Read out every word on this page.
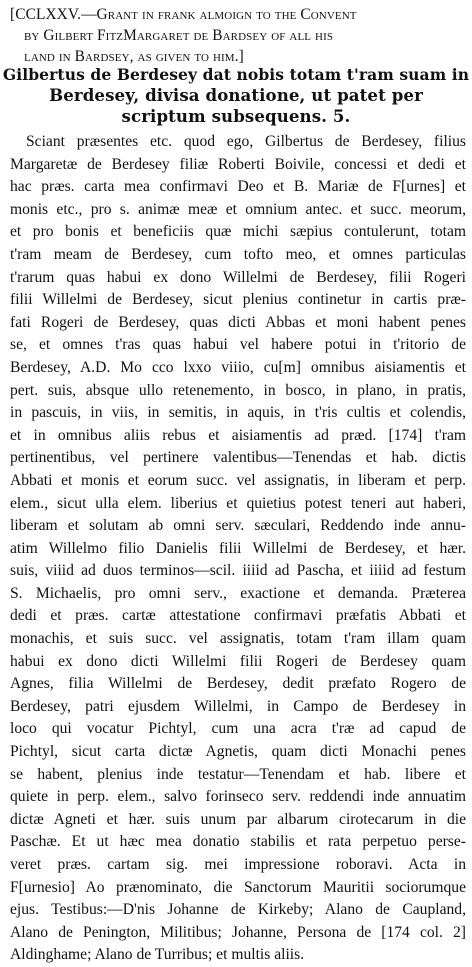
[CCLXXV.—Grant in frank almoign to the Convent
by Gilbert FitzMargaret de Bardsey of all his
land in Bardsey, as given to him.]
Gilbertus de Berdesey dat nobis totam t'ram suam in
Berdesey, divisa donatione, ut patet per
scriptum subsequens. 5.
Sciant præsentes etc. quod ego, Gilbertus de Berdesey, filius
Margaretæ de Berdesey filiæ Roberti Boivile, concessi et dedi et
hac præs. carta mea confirmavi Deo et B. Mariæ de F[urnes] et
monis etc., pro s. animæ meæ et omnium antec. et succ. meorum,
et pro bonis et beneficiis quæ michi sæpius contulerunt, totam
t'ram meam de Berdesey, cum tofto meo, et omnes particulas
t'rarum quas habui ex dono Willelmi de Berdesey, filii Rogeri
filii Willelmi de Berdesey, sicut plenius continetur in cartis præ-
fati Rogeri de Berdesey, quas dicti Abbas et moni habent penes
se, et omnes t'ras quas habui vel habere potui in t'ritorio de
Berdesey, A.D. Mo cco lxxo viiio, cu[m] omnibus aisiamentis et
pert. suis, absque ullo retenemento, in bosco, in plano, in pratis,
in pascuis, in viis, in semitis, in aquis, in t'ris cultis et colendis,
et in omnibus aliis rebus et aisiamentis ad præd. [174] t'ram
pertinentibus, vel pertinere valentibus—Tenendas et hab. dictis
Abbati et monis et eorum succ. vel assignatis, in liberam et perp.
elem., sicut ulla elem. liberius et quietius potest teneri aut haberi,
liberam et solutam ab omni serv. sæculari, Reddendo inde annu-
atim Willelmo filio Danielis filii Willelmi de Berdesey, et hær.
suis, viiid ad duos terminos—scil. iiiid ad Pascha, et iiiid ad festum
S. Michaelis, pro omni serv., exactione et demanda. Præterea
dedi et præs. cartæ attestatione confirmavi præfatis Abbati et
monachis, et suis succ. vel assignatis, totam t'ram illam quam
habui ex dono dicti Willelmi filii Rogeri de Berdesey quam
Agnes, filia Willelmi de Berdesey, dedit præfato Rogero de
Berdesey, patri ejusdem Willelmi, in Campo de Berdesey in
loco qui vocatur Pichtyl, cum una acra t'ræ ad capud de
Pichtyl, sicut carta dictæ Agnetis, quam dicti Monachi penes
se habent, plenius inde testatur—Tenendam et hab. libere et
quiete in perp. elem., salvo forinseco serv. reddendi inde annuatim
dictæ Agneti et hær. suis unum par albarum cirotecarum in die
Paschæ. Et ut hæc mea donatio stabilis et rata perpetuo perse-
veret præs. cartam sig. mei impressione roboravi. Acta in
F[urnesio] Ao prænominato, die Sanctorum Mauritii sociorumque
ejus. Testibus:—D'nis Johanne de Kirkeby; Alano de Caupland,
Alano de Penington, Militibus; Johanne, Persona de [174 col. 2]
Aldinghame; Alano de Turribus; et multis aliis.
